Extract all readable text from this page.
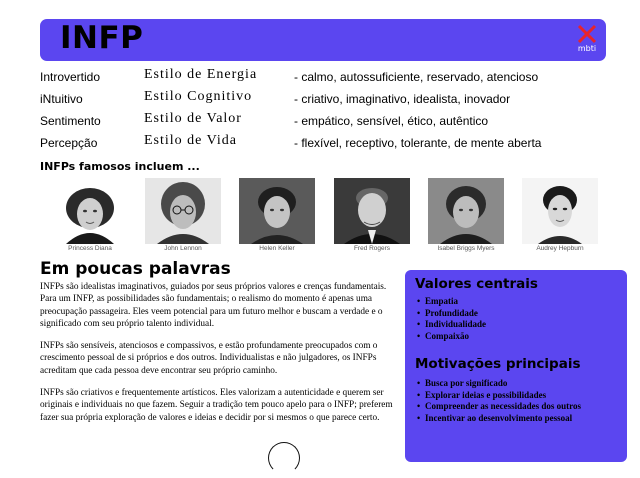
INFP	mbti
Introvertido	Estilo de Energia	- calmo, autossuficiente, reservado, atencioso
iNtuitivo	Estilo Cognitivo	- criativo, imaginativo, idealista, inovador
Sentimento	Estilo de Valor	- empático, sensível, ético, autêntico
Percepção	Estilo de Vida	- flexível, receptivo, tolerante, de mente aberta
INFPs famosos incluem ...
Princess Diana	John Lennon	Helen Keller	Fred Rogers	Isabel Briggs Myers	Audrey Hepburn
Em poucas palavras

INFPs são idealistas imaginativos, guiados por seus próprios valores e crenças fundamentais. Para um INFP, as possibilidades são fundamentais; o realismo do momento é apenas uma preocupação passageira. Eles veem potencial para um futuro melhor e buscam a verdade e o significado com seu próprio talento individual.

INFPs são sensíveis, atenciosos e compassivos, e estão profundamente preocupados com o crescimento pessoal de si próprios e dos outros. Individualistas e não julgadores, os INFPs acreditam que cada pessoa deve encontrar seu próprio caminho.

INFPs são criativos e frequentemente artísticos. Eles valorizam a autenticidade e querem ser originais e individuais no que fazem. Seguir a tradição tem pouco apelo para o INFP; preferem fazer sua própria exploração de valores e ideias e decidir por si mesmos o que parece certo.

Valores centrais
• Empatia
• Profundidade
• Individualidade
• Compaixão
Motivações principais
• Busca por significado
• Explorar ideias e possibilidades
• Compreender as necessidades dos outros
• Incentivar ao desenvolvimento pessoal
